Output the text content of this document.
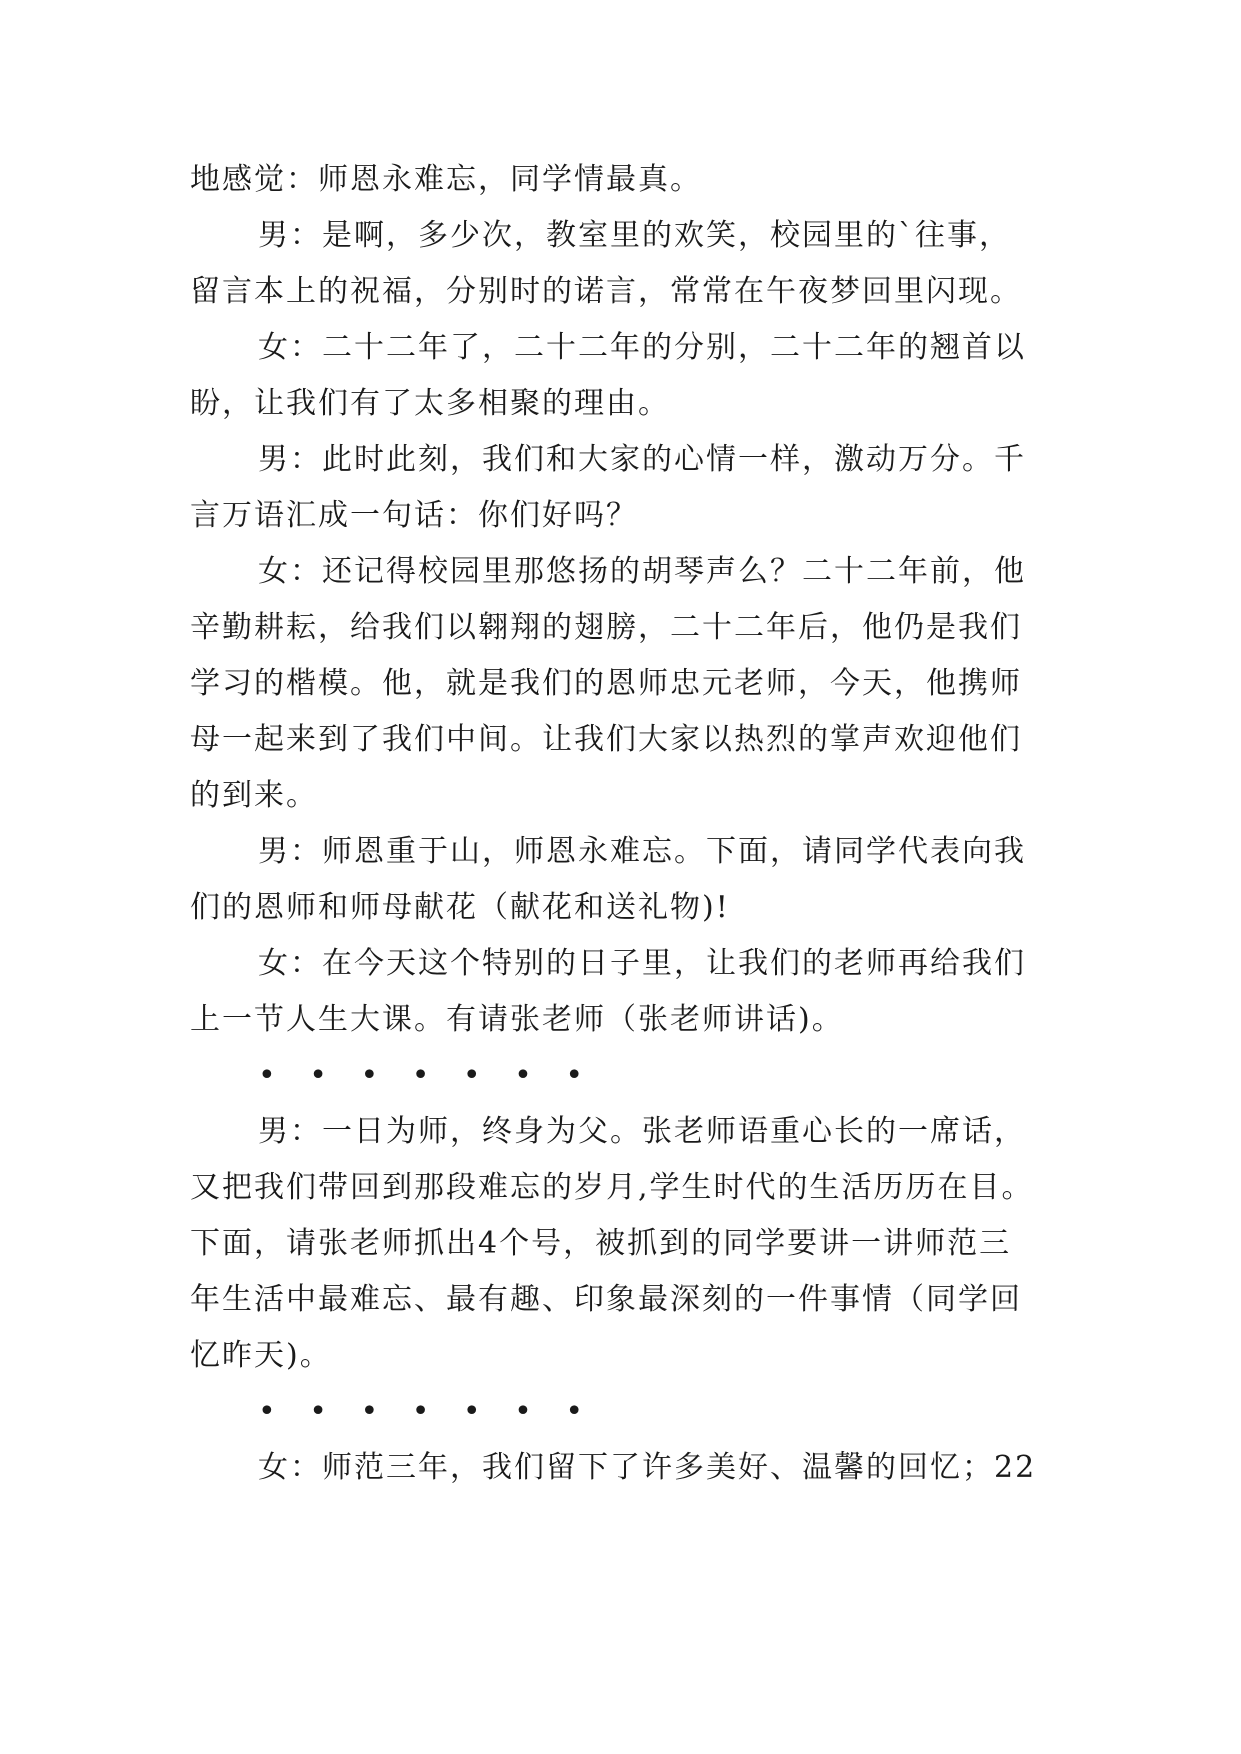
地感觉：师恩永难忘，同学情最真。
男：是啊，多少次，教室里的欢笑，校园里的`往事，
留言本上的祝福，分别时的诺言，常常在午夜梦回里闪现。
女：二十二年了，二十二年的分别，二十二年的翘首以
盼，让我们有了太多相聚的理由。
男：此时此刻，我们和大家的心情一样，激动万分。千
言万语汇成一句话：你们好吗？
女：还记得校园里那悠扬的胡琴声么？二十二年前，他
辛勤耕耘，给我们以翱翔的翅膀，二十二年后，他仍是我们
学习的楷模。他，就是我们的恩师忠元老师，今天，他携师
母一起来到了我们中间。让我们大家以热烈的掌声欢迎他们
的到来。
男：师恩重于山，师恩永难忘。下面，请同学代表向我
们的恩师和师母献花（献花和送礼物)!
女：在今天这个特别的日子里，让我们的老师再给我们
上一节人生大课。有请张老师（张老师讲话)。
• • • • • • •
男：一日为师，终身为父。张老师语重心长的一席话，
又把我们带回到那段难忘的岁月,学生时代的生活历历在目。
下面，请张老师抓出4个号，被抓到的同学要讲一讲师范三
年生活中最难忘、最有趣、印象最深刻的一件事情（同学回
忆昨天)。
• • • • • • •
女：师范三年，我们留下了许多美好、温馨的回忆；22
